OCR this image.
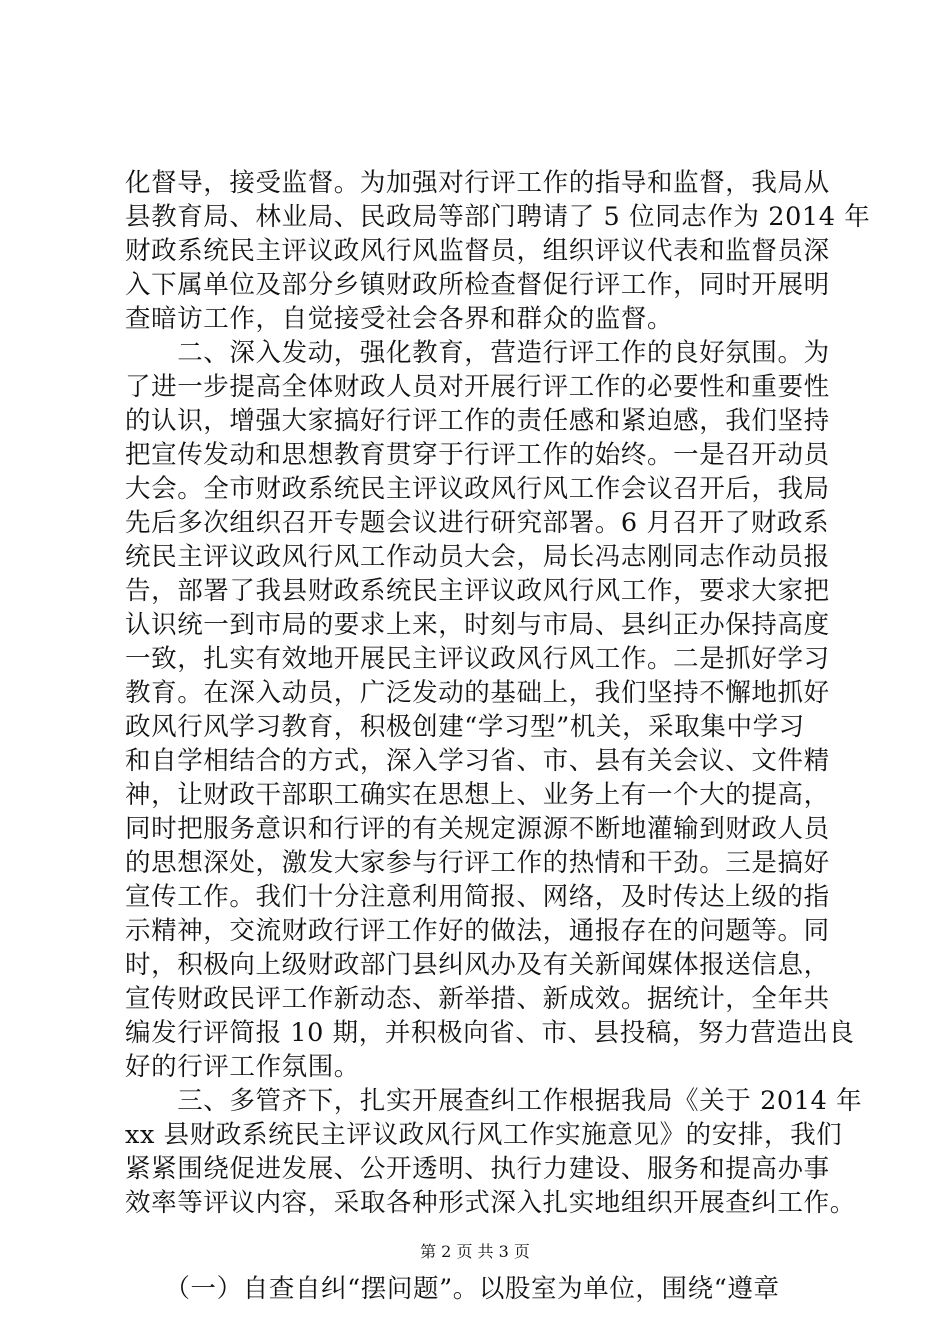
化督导，接受监督。为加强对行评工作的指导和监督，我局从
县教育局、林业局、民政局等部门聘请了 5 位同志作为 2014 年
财政系统民主评议政风行风监督员，组织评议代表和监督员深
入下属单位及部分乡镇财政所检查督促行评工作，同时开展明
查暗访工作，自觉接受社会各界和群众的监督。
　　二、深入发动，强化教育，营造行评工作的良好氛围。为
了进一步提高全体财政人员对开展行评工作的必要性和重要性
的认识，增强大家搞好行评工作的责任感和紧迫感，我们坚持
把宣传发动和思想教育贯穿于行评工作的始终。一是召开动员
大会。全市财政系统民主评议政风行风工作会议召开后，我局
先后多次组织召开专题会议进行研究部署。6 月召开了财政系
统民主评议政风行风工作动员大会，局长冯志刚同志作动员报
告，部署了我县财政系统民主评议政风行风工作，要求大家把
认识统一到市局的要求上来，时刻与市局、县纠正办保持高度
一致，扎实有效地开展民主评议政风行风工作。二是抓好学习
教育。在深入动员，广泛发动的基础上，我们坚持不懈地抓好
政风行风学习教育，积极创建“学习型”机关，采取集中学习
和自学相结合的方式，深入学习省、市、县有关会议、文件精
神，让财政干部职工确实在思想上、业务上有一个大的提高，
同时把服务意识和行评的有关规定源源不断地灌输到财政人员
的思想深处，激发大家参与行评工作的热情和干劲。三是搞好
宣传工作。我们十分注意利用简报、网络，及时传达上级的指
示精神，交流财政行评工作好的做法，通报存在的问题等。同
时，积极向上级财政部门县纠风办及有关新闻媒体报送信息，
宣传财政民评工作新动态、新举措、新成效。据统计，全年共
编发行评简报 10 期，并积极向省、市、县投稿，努力营造出良
好的行评工作氛围。
　　三、多管齐下，扎实开展查纠工作根据我局《关于 2014 年
xx 县财政系统民主评议政风行风工作实施意见》的安排，我们
紧紧围绕促进发展、公开透明、执行力建设、服务和提高办事
效率等评议内容，采取各种形式深入扎实地组织开展查纠工作。
　　（一）自查自纠“摆问题”。以股室为单位，围绕“遵章
第 2 页 共 3 页
